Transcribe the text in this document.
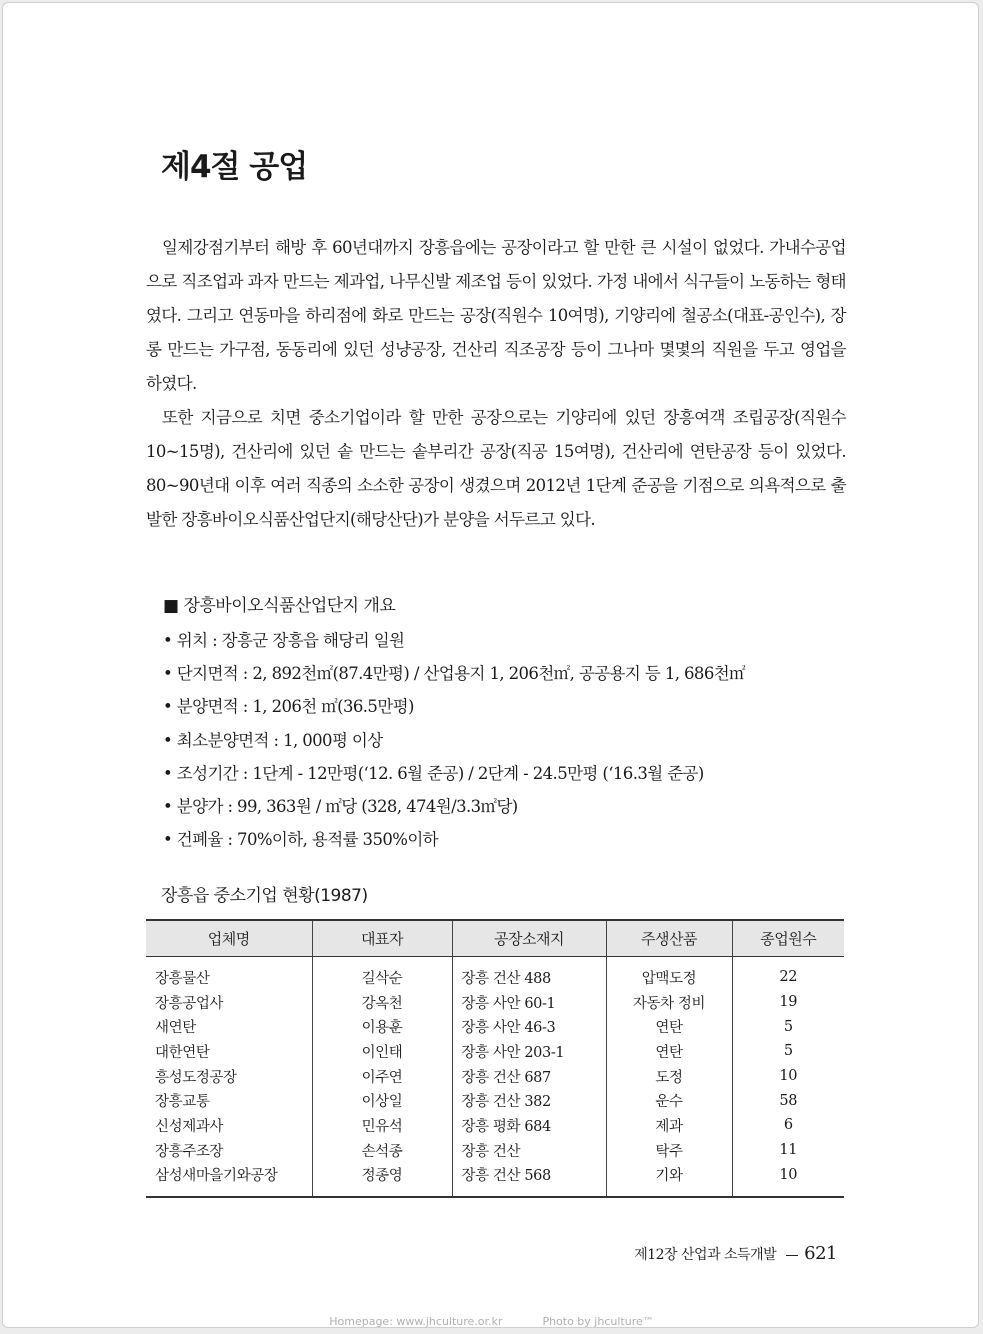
제4절 공업

일제강점기부터 해방 후 60년대까지 장흥읍에는 공장이라고 할 만한 큰 시설이 없었다. 가내수공업으로 직조업과 과자 만드는 제과업, 나무신발 제조업 등이 있었다. 가정 내에서 식구들이 노동하는 형태였다. 그리고 연동마을 하리점에 화로 만드는 공장(직원수 10여명), 기양리에 철공소(대표-공인수), 장롱 만드는 가구점, 동동리에 있던 성냥공장, 건산리 직조공장 등이 그나마 몇몇의 직원을 두고 영업을 하였다.

또한 지금으로 치면 중소기업이라 할 만한 공장으로는 기양리에 있던 장흥여객 조립공장(직원수 10~15명), 건산리에 있던 솥 만드는 솥부리간 공장(직공 15여명), 건산리에 연탄공장 등이 있었다. 80~90년대 이후 여러 직종의 소소한 공장이 생겼으며 2012년 1단계 준공을 기점으로 의욕적으로 출발한 장흥바이오식품산업단지(해당산단)가 분양을 서두르고 있다.

■ 장흥바이오식품산업단지 개요
• 위치 : 장흥군 장흥읍 해당리 일원
• 단지면적 : 2, 892천㎡(87.4만평) / 산업용지 1, 206천㎡, 공공용지 등 1, 686천㎡
• 분양면적 : 1, 206천 ㎡(36.5만평)
• 최소분양면적 : 1, 000평 이상
• 조성기간 : 1단계 - 12만평(‘12. 6월 준공) / 2단계 - 24.5만평 (‘16.3월 준공)
• 분양가 : 99, 363원 / ㎡당 (328, 474원/3.3㎡당)
• 건폐율 : 70%이하, 용적률 350%이하
장흥읍 중소기업 현황(1987)
업체명	대표자	공장소재지	주생산품	종업원수
장흥물산	길삭순	장흥 건산 488	압맥도정	22
장흥공업사	강옥천	장흥 사안 60-1	자동차 정비	19
새연탄	이용훈	장흥 사안 46-3	연탄	5
대한연탄	이인태	장흥 사안 203-1	연탄	5
흥성도정공장	이주연	장흥 건산 687	도정	10
장흥교통	이상일	장흥 건산 382	운수	58
신성제과사	민유석	장흥 평화 684	제과	6
장흥주조장	손석종	장흥 건산	탁주	11
삼성새마을기와공장	정종영	장흥 건산 568	기와	10
제12장 산업과 소득개발 621
Homepage: www.jhculture.or.kr	Photo by jhculture™
